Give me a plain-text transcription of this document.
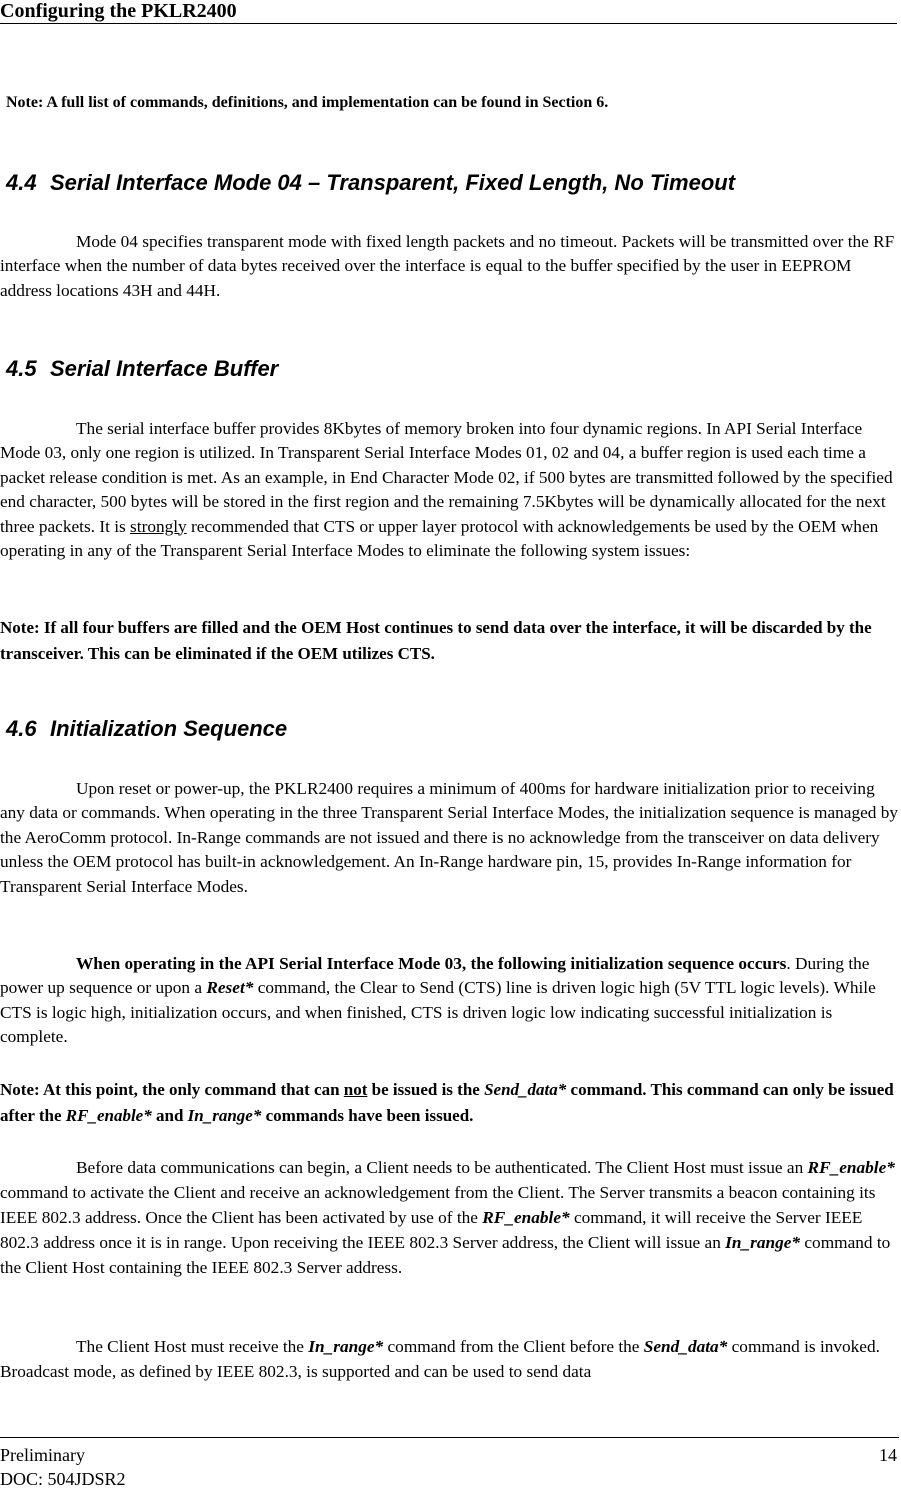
Configuring the PKLR2400
Note: A full list of commands, definitions, and implementation can be found in Section 6.
4.4 Serial Interface Mode 04 – Transparent, Fixed Length, No Timeout
Mode 04 specifies transparent mode with fixed length packets and no timeout. Packets will be transmitted over the RF interface when the number of data bytes received over the interface is equal to the buffer specified by the user in EEPROM address locations 43H and 44H.
4.5 Serial Interface Buffer
The serial interface buffer provides 8Kbytes of memory broken into four dynamic regions. In API Serial Interface Mode 03, only one region is utilized. In Transparent Serial Interface Modes 01, 02 and 04, a buffer region is used each time a packet release condition is met. As an example, in End Character Mode 02, if 500 bytes are transmitted followed by the specified end character, 500 bytes will be stored in the first region and the remaining 7.5Kbytes will be dynamically allocated for the next three packets. It is strongly recommended that CTS or upper layer protocol with acknowledgements be used by the OEM when operating in any of the Transparent Serial Interface Modes to eliminate the following system issues:
Note: If all four buffers are filled and the OEM Host continues to send data over the interface, it will be discarded by the transceiver. This can be eliminated if the OEM utilizes CTS.
4.6 Initialization Sequence
Upon reset or power-up, the PKLR2400 requires a minimum of 400ms for hardware initialization prior to receiving any data or commands. When operating in the three Transparent Serial Interface Modes, the initialization sequence is managed by the AeroComm protocol. In-Range commands are not issued and there is no acknowledge from the transceiver on data delivery unless the OEM protocol has built-in acknowledgement. An In-Range hardware pin, 15, provides In-Range information for Transparent Serial Interface Modes.
When operating in the API Serial Interface Mode 03, the following initialization sequence occurs. During the power up sequence or upon a Reset* command, the Clear to Send (CTS) line is driven logic high (5V TTL logic levels). While CTS is logic high, initialization occurs, and when finished, CTS is driven logic low indicating successful initialization is complete.
Note: At this point, the only command that can not be issued is the Send_data* command. This command can only be issued after the RF_enable* and In_range* commands have been issued.
Before data communications can begin, a Client needs to be authenticated. The Client Host must issue an RF_enable* command to activate the Client and receive an acknowledgement from the Client. The Server transmits a beacon containing its IEEE 802.3 address. Once the Client has been activated by use of the RF_enable* command, it will receive the Server IEEE 802.3 address once it is in range. Upon receiving the IEEE 802.3 Server address, the Client will issue an In_range* command to the Client Host containing the IEEE 802.3 Server address.
The Client Host must receive the In_range* command from the Client before the Send_data* command is invoked. Broadcast mode, as defined by IEEE 802.3, is supported and can be used to send data
Preliminary
DOC: 504JDSR2
14
